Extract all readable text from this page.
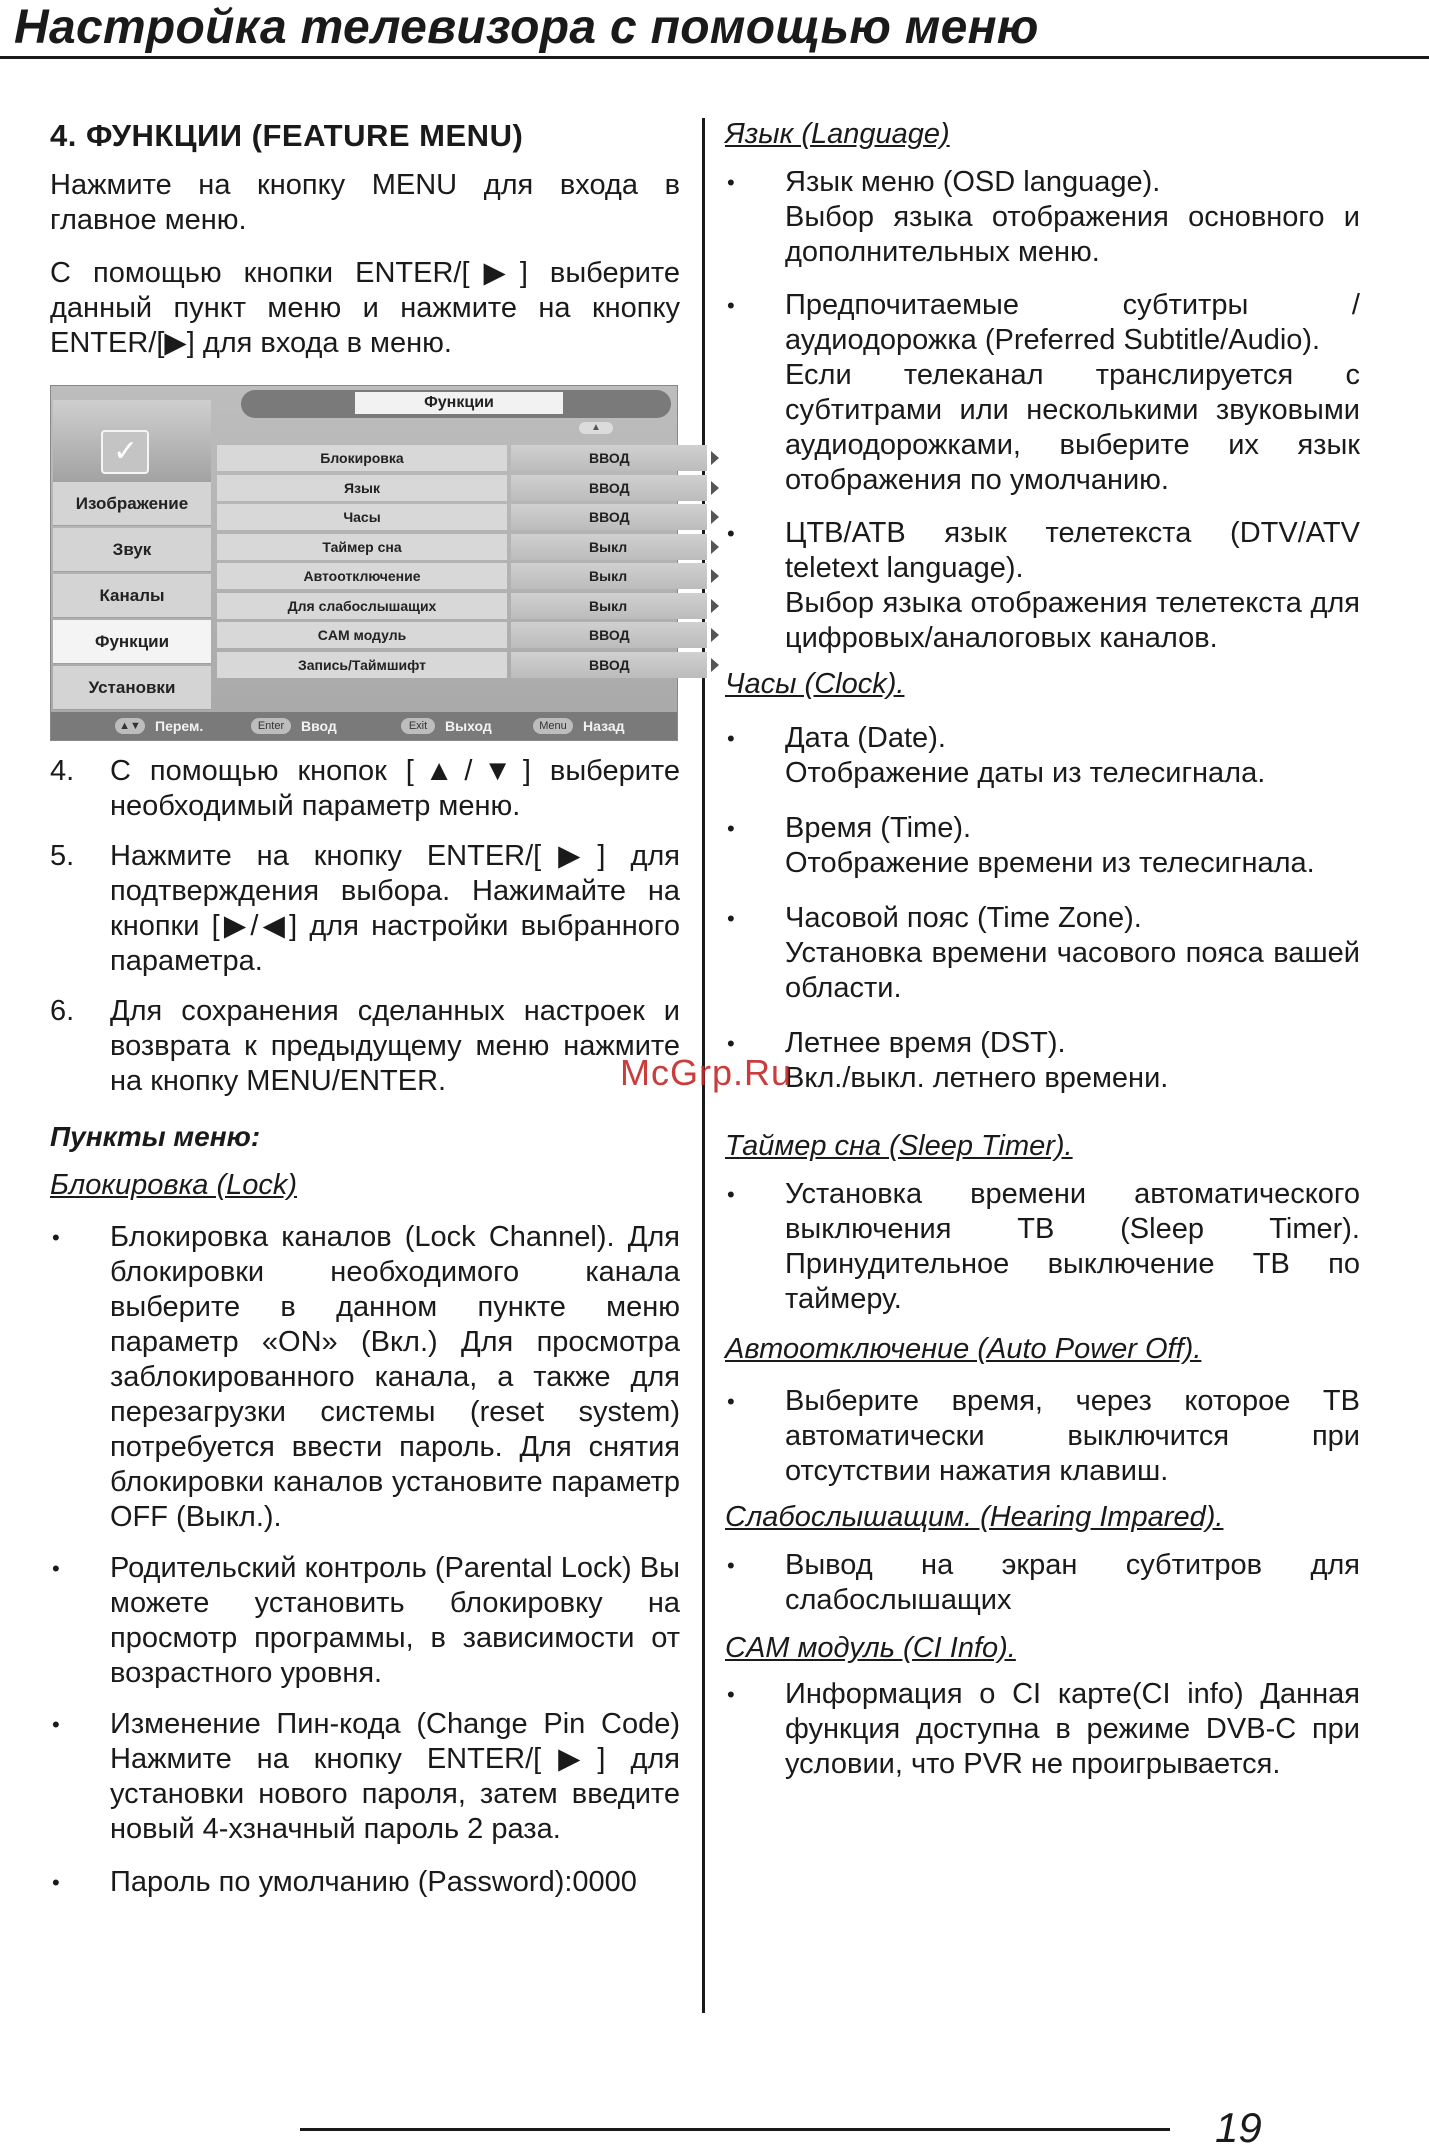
Настройка телевизора с помощью меню
4. ФУНКЦИИ (FEATURE MENU)
Нажмите на кнопку MENU для входа в главное меню.
С помощью кнопки ENTER/[▶] выберите данный пункт меню и нажмите на кнопку ENTER/[▶] для входа в меню.
Функции
▲
✓
Изображение
Звук
Каналы
Функции
Установки
Блокировка	ВВОД
Язык	ВВОД
Часы	ВВОД
Таймер сна	Выкл
Автоотключение	Выкл
Для слабослышащих	Выкл
CAM модуль	ВВОД
Запись/Таймшифт	ВВОД
▲▼ Перем.	Enter	Ввод	Exit	Выход	Menu	Назад
4. С помощью кнопок [▲/▼] выберите необходимый параметр меню.
5. Нажмите на кнопку ENTER/[▶] для подтверждения выбора. Нажимайте на кнопки [▶/◀] для настройки выбранного параметра.
6. Для сохранения сделанных настроек и возврата к предыдущему меню нажмите на кнопку MENU/ENTER.
Пункты меню:
Блокировка (Lock)
• Блокировка каналов (Lock Channel). Для блокировки необходимого канала выберите в данном пункте меню параметр «ON» (Вкл.) Для просмотра заблокированного канала, а также для перезагрузки системы (reset system) потребуется ввести пароль. Для снятия блокировки каналов установите параметр OFF (Выкл.).
• Родительский контроль (Parental Lock) Вы можете установить блокировку на просмотр программы, в зависимости от возрастного уровня.
• Изменение Пин-кода (Change Pin Code) Нажмите на кнопку ENTER/[▶] для установки нового пароля, затем введите новый 4-хзначный пароль 2 раза.
• Пароль по умолчанию (Password):0000
Язык (Language)
• Язык меню (OSD language).
Выбор языка отображения основного и дополнительных меню.
• Предпочитаемые субтитры / аудиодорожка (Preferred Subtitle/Audio).
Если телеканал транслируется с субтитрами или несколькими звуковыми аудиодорожками, выберите их язык отображения по умолчанию.
• ЦТВ/АТВ язык телетекста (DTV/ATV teletext language).
Выбор языка отображения телетекста для цифровых/аналоговых каналов.
Часы (Clock).
• Дата (Date).
Отображение даты из телесигнала.
• Время (Time).
Отображение времени из телесигнала.
• Часовой пояс (Time Zone).
Установка времени часового пояса вашей области.
• Летнее время (DST).
Вкл./выкл. летнего времени.
Таймер сна (Sleep Timer).
• Установка времени автоматического выключения ТВ (Sleep Timer). Принудительное выключение ТВ по таймеру.
Автоотключение (Auto Power Off).
• Выберите время, через которое ТВ автоматически выключится при отсутствии нажатия клавиш.
Слабослышащим. (Hearing Impared).
• Вывод на экран субтитров для слабослышащих
CAM модуль (CI Info).
• Информация о CI карте(CI info) Данная функция доступна в режиме DVB-C при условии, что PVR не проигрывается.
McGrp.Ru
19
